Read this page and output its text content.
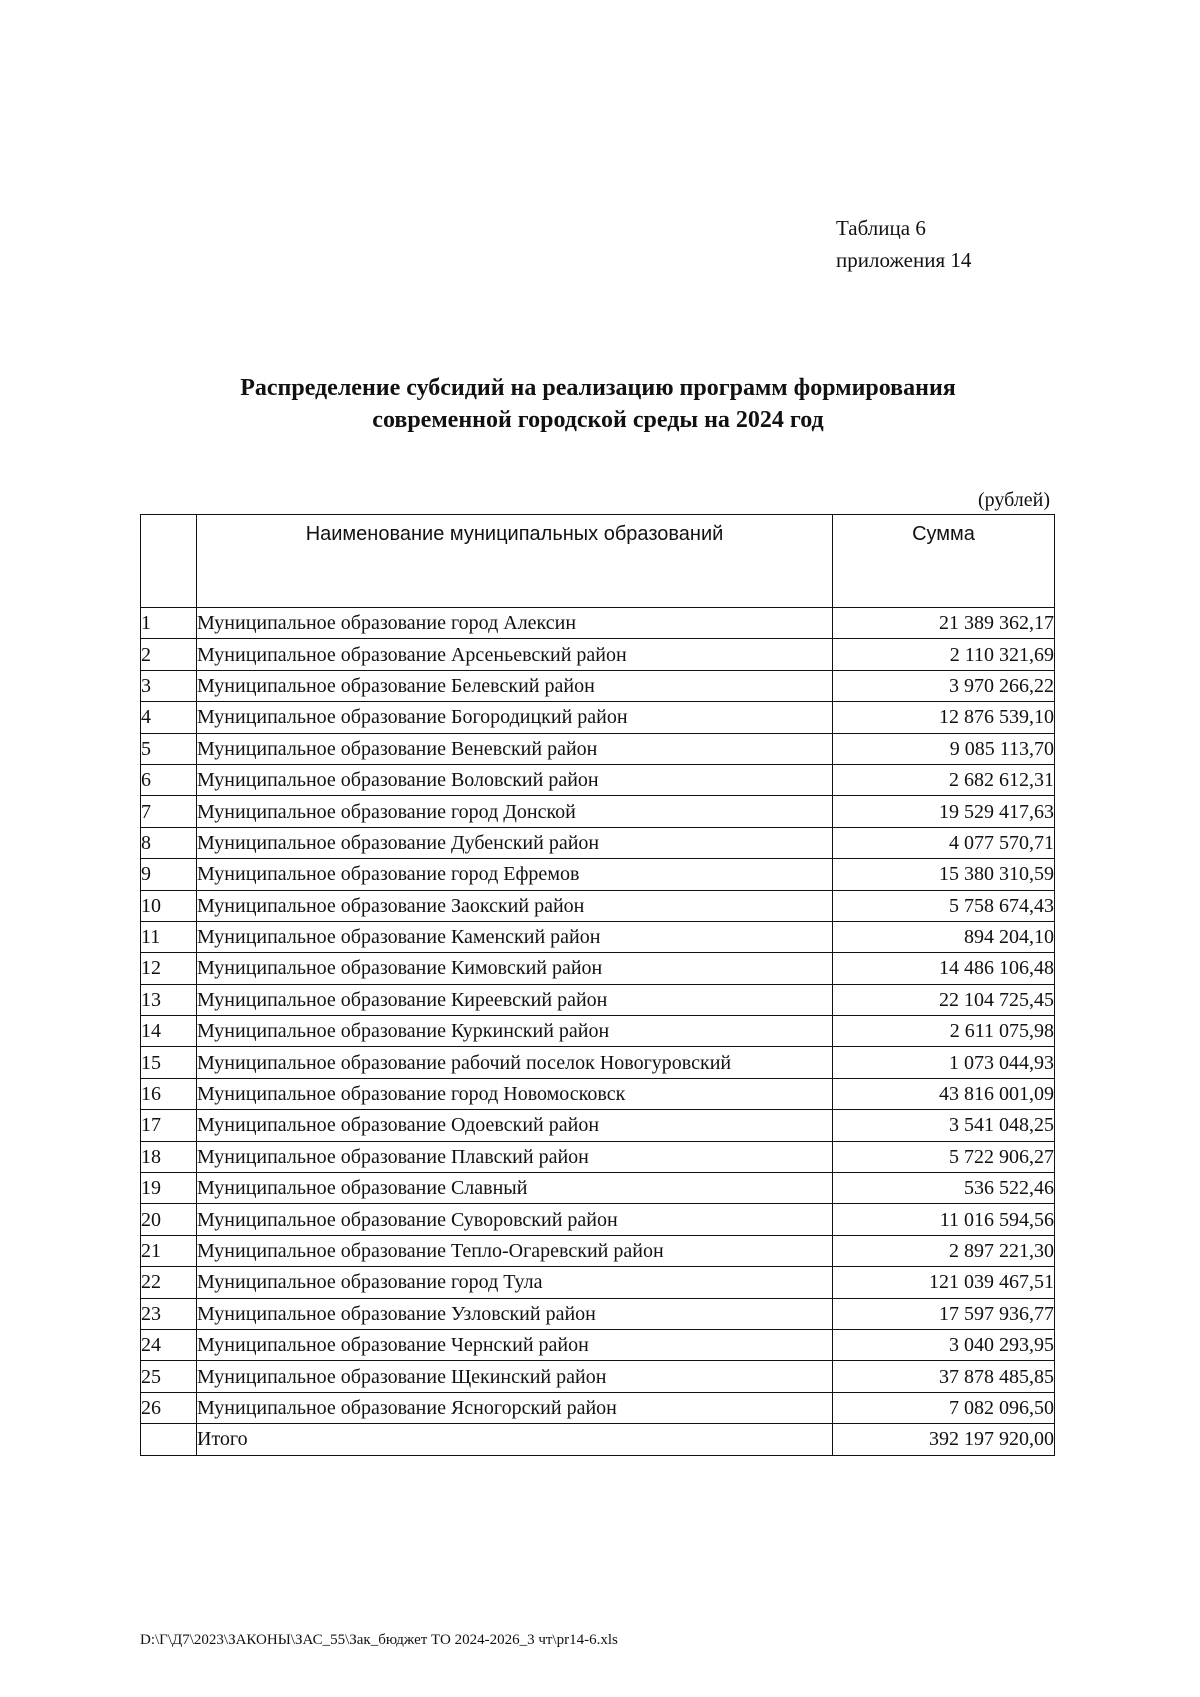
Таблица 6
приложения 14
Распределение субсидий на реализацию программ формирования
современной городской среды на 2024 год
(рублей)
	Наименование муниципальных образований	Сумма
1	Муниципальное образование город Алексин	21 389 362,17
2	Муниципальное образование Арсеньевский район	2 110 321,69
3	Муниципальное образование Белевский район	3 970 266,22
4	Муниципальное образование Богородицкий район	12 876 539,10
5	Муниципальное образование Веневский район	9 085 113,70
6	Муниципальное образование Воловский район	2 682 612,31
7	Муниципальное образование город Донской	19 529 417,63
8	Муниципальное образование Дубенский район	4 077 570,71
9	Муниципальное образование город Ефремов	15 380 310,59
10	Муниципальное образование Заокский район	5 758 674,43
11	Муниципальное образование Каменский район	894 204,10
12	Муниципальное образование Кимовский район	14 486 106,48
13	Муниципальное образование Киреевский район	22 104 725,45
14	Муниципальное образование Куркинский район	2 611 075,98
15	Муниципальное образование рабочий поселок Новогуровский	1 073 044,93
16	Муниципальное образование город Новомосковск	43 816 001,09
17	Муниципальное образование Одоевский район	3 541 048,25
18	Муниципальное образование Плавский район	5 722 906,27
19	Муниципальное образование Славный	536 522,46
20	Муниципальное образование Суворовский район	11 016 594,56
21	Муниципальное образование Тепло-Огаревский район	2 897 221,30
22	Муниципальное образование город Тула	121 039 467,51
23	Муниципальное образование Узловский район	17 597 936,77
24	Муниципальное образование Чернский район	3 040 293,95
25	Муниципальное образование Щекинский район	37 878 485,85
26	Муниципальное образование Ясногорский район	7 082 096,50
	Итого	392 197 920,00
D:\Г\Д7\2023\ЗАКОНЫ\ЗАС_55\Зак_бюджет ТО 2024-2026_3 чт\pr14-6.xls
